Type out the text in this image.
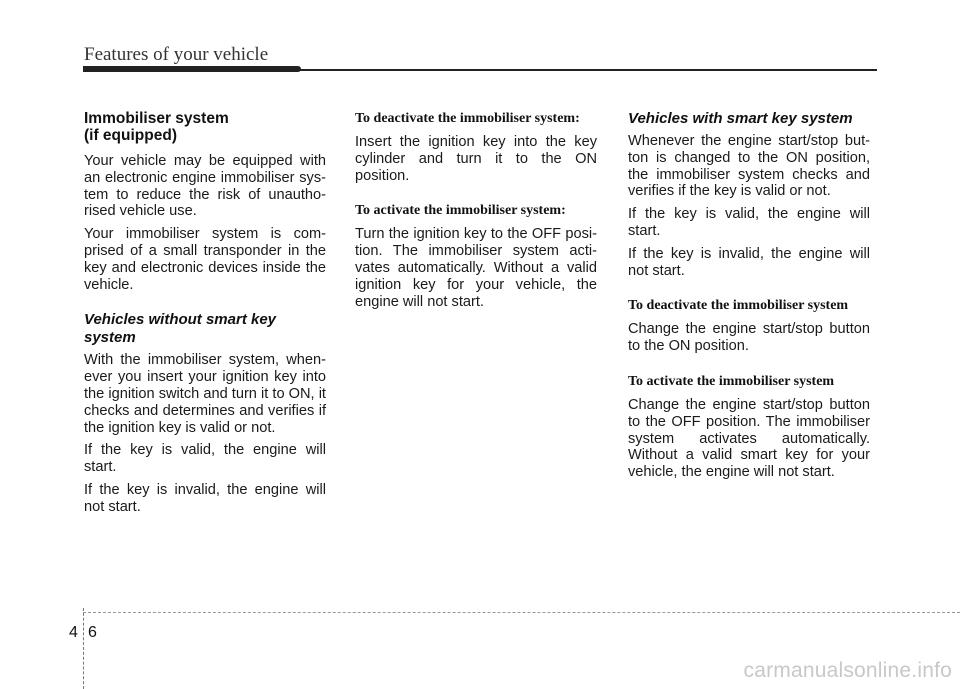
Features of your vehicle
Immobiliser system
(if equipped)

Your vehicle may be equipped with an electronic engine immobiliser sys- tem to reduce the risk of unautho- rised vehicle use.

Your immobiliser system is com- prised of a small transponder in the key and electronic devices inside the vehicle.

Vehicles without smart key system

With the immobiliser system, when- ever you insert your ignition key into the ignition switch and turn it to ON, it checks and determines and verifies if the ignition key is valid or not.

If the key is valid, the engine will start.

If the key is invalid, the engine will not start.

To deactivate the immobiliser system:

Insert the ignition key into the key cylinder and turn it to the ON position.

To activate the immobiliser system:

Turn the ignition key to the OFF posi- tion. The immobiliser system acti- vates automatically. Without a valid ignition key for your vehicle, the engine will not start.

Vehicles with smart key system

Whenever the engine start/stop but- ton is changed to the ON position, the immobiliser system checks and verifies if the key is valid or not.

If the key is valid, the engine will start.

If the key is invalid, the engine will not start.

To deactivate the immobiliser system

Change the engine start/stop button to the ON position.

To activate the immobiliser system

Change the engine start/stop button to the OFF position. The immobiliser system activates automatically. Without a valid smart key for your vehicle, the engine will not start.

4 6
carmanualsonline.info
